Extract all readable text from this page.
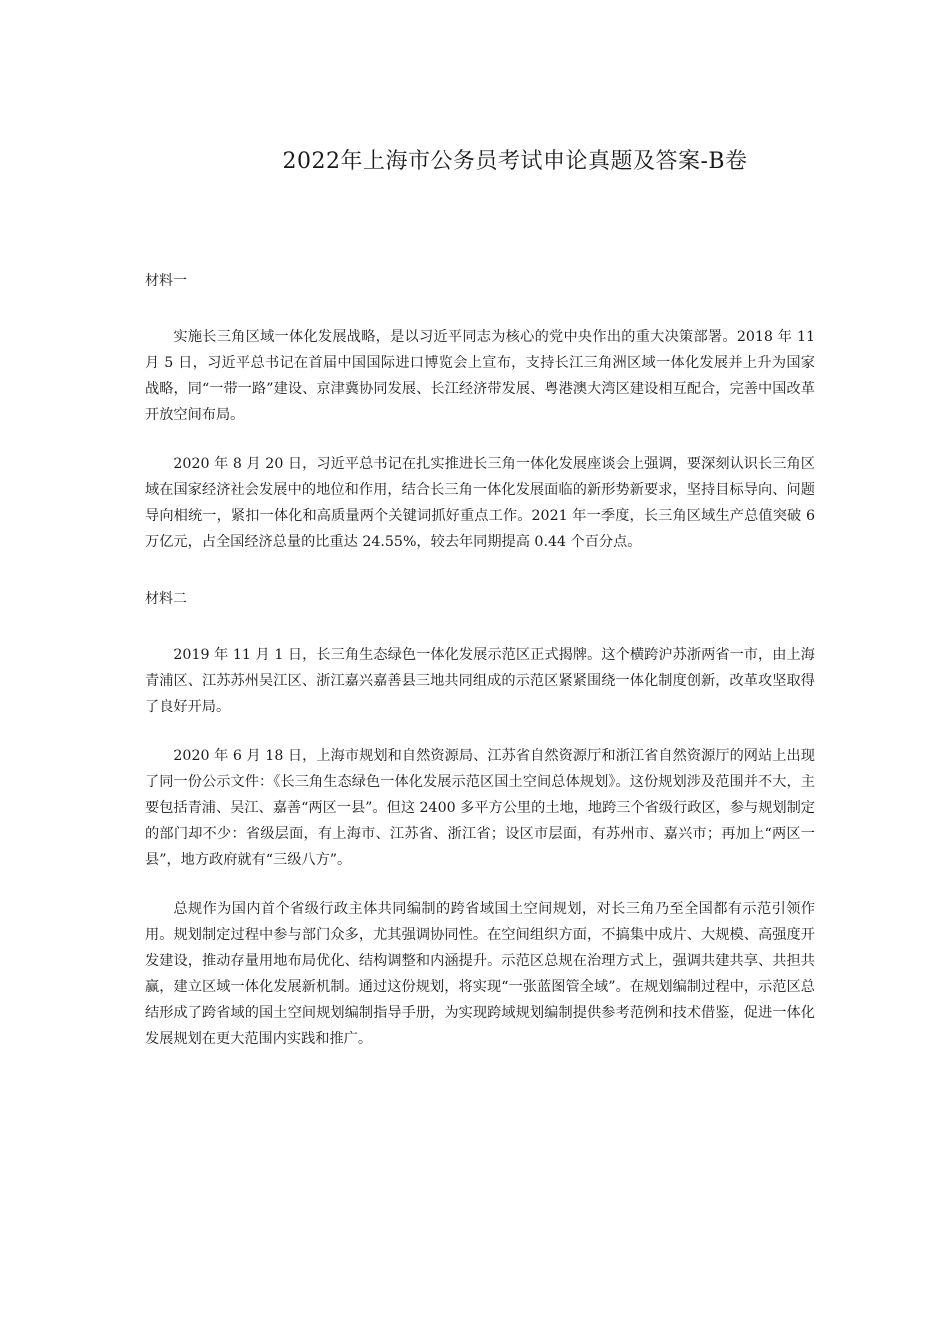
2022年上海市公务员考试申论真题及答案-B卷

材料一

实施长三角区域一体化发展战略，是以习近平同志为核心的党中央作出的重大决策部署。2018 年 11 月 5 日，习近平总书记在首届中国国际进口博览会上宣布，支持长江三角洲区域一体化发展并上升为国家战略，同“一带一路”建设、京津冀协同发展、长江经济带发展、粤港澳大湾区建设相互配合，完善中国改革开放空间布局。

2020 年 8 月 20 日，习近平总书记在扎实推进长三角一体化发展座谈会上强调，要深刻认识长三角区域在国家经济社会发展中的地位和作用，结合长三角一体化发展面临的新形势新要求，坚持目标导向、问题导向相统一，紧扣一体化和高质量两个关键词抓好重点工作。2021 年一季度，长三角区域生产总值突破 6 万亿元，占全国经济总量的比重达 24.55%，较去年同期提高 0.44 个百分点。

材料二

2019 年 11 月 1 日，长三角生态绿色一体化发展示范区正式揭牌。这个横跨沪苏浙两省一市，由上海青浦区、江苏苏州吴江区、浙江嘉兴嘉善县三地共同组成的示范区紧紧围绕一体化制度创新，改革攻坚取得了良好开局。

2020 年 6 月 18 日，上海市规划和自然资源局、江苏省自然资源厅和浙江省自然资源厅的网站上出现了同一份公示文件：《长三角生态绿色一体化发展示范区国土空间总体规划》。这份规划涉及范围并不大，主要包括青浦、吴江、嘉善“两区一县”。但这 2400 多平方公里的土地，地跨三个省级行政区，参与规划制定的部门却不少：省级层面，有上海市、江苏省、浙江省；设区市层面，有苏州市、嘉兴市；再加上“两区一县”，地方政府就有“三级八方”。

总规作为国内首个省级行政主体共同编制的跨省域国土空间规划，对长三角乃至全国都有示范引领作用。规划制定过程中参与部门众多，尤其强调协同性。在空间组织方面，不搞集中成片、大规模、高强度开发建设，推动存量用地布局优化、结构调整和内涵提升。示范区总规在治理方式上，强调共建共享、共担共赢，建立区域一体化发展新机制。通过这份规划，将实现“一张蓝图管全域”。在规划编制过程中，示范区总结形成了跨省域的国土空间规划编制指导手册，为实现跨域规划编制提供参考范例和技术借鉴，促进一体化发展规划在更大范围内实践和推广。
